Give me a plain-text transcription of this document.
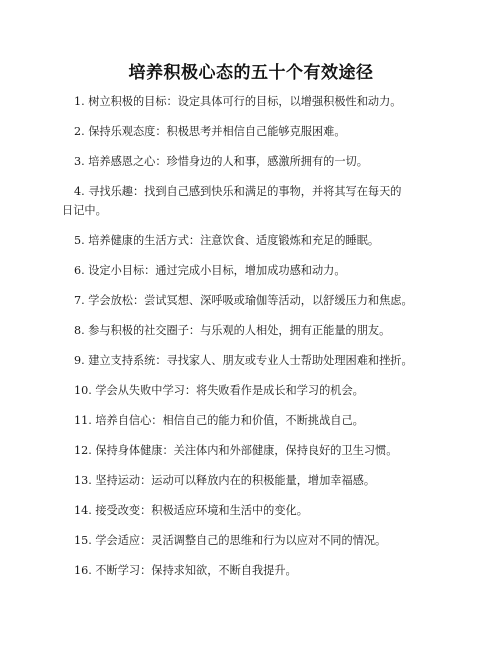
培养积极心态的五十个有效途径
1. 树立积极的目标：设定具体可行的目标，以增强积极性和动力。
2. 保持乐观态度：积极思考并相信自己能够克服困难。
3. 培养感恩之心：珍惜身边的人和事，感激所拥有的一切。
4. 寻找乐趣：找到自己感到快乐和满足的事物，并将其写在每天的
日记中。
5. 培养健康的生活方式：注意饮食、适度锻炼和充足的睡眠。
6. 设定小目标：通过完成小目标，增加成功感和动力。
7. 学会放松：尝试冥想、深呼吸或瑜伽等活动，以舒缓压力和焦虑。
8. 参与积极的社交圈子：与乐观的人相处，拥有正能量的朋友。
9. 建立支持系统：寻找家人、朋友或专业人士帮助处理困难和挫折。
10. 学会从失败中学习：将失败看作是成长和学习的机会。
11. 培养自信心：相信自己的能力和价值，不断挑战自己。
12. 保持身体健康：关注体内和外部健康，保持良好的卫生习惯。
13. 坚持运动：运动可以释放内在的积极能量，增加幸福感。
14. 接受改变：积极适应环境和生活中的变化。
15. 学会适应：灵活调整自己的思维和行为以应对不同的情况。
16. 不断学习：保持求知欲，不断自我提升。
